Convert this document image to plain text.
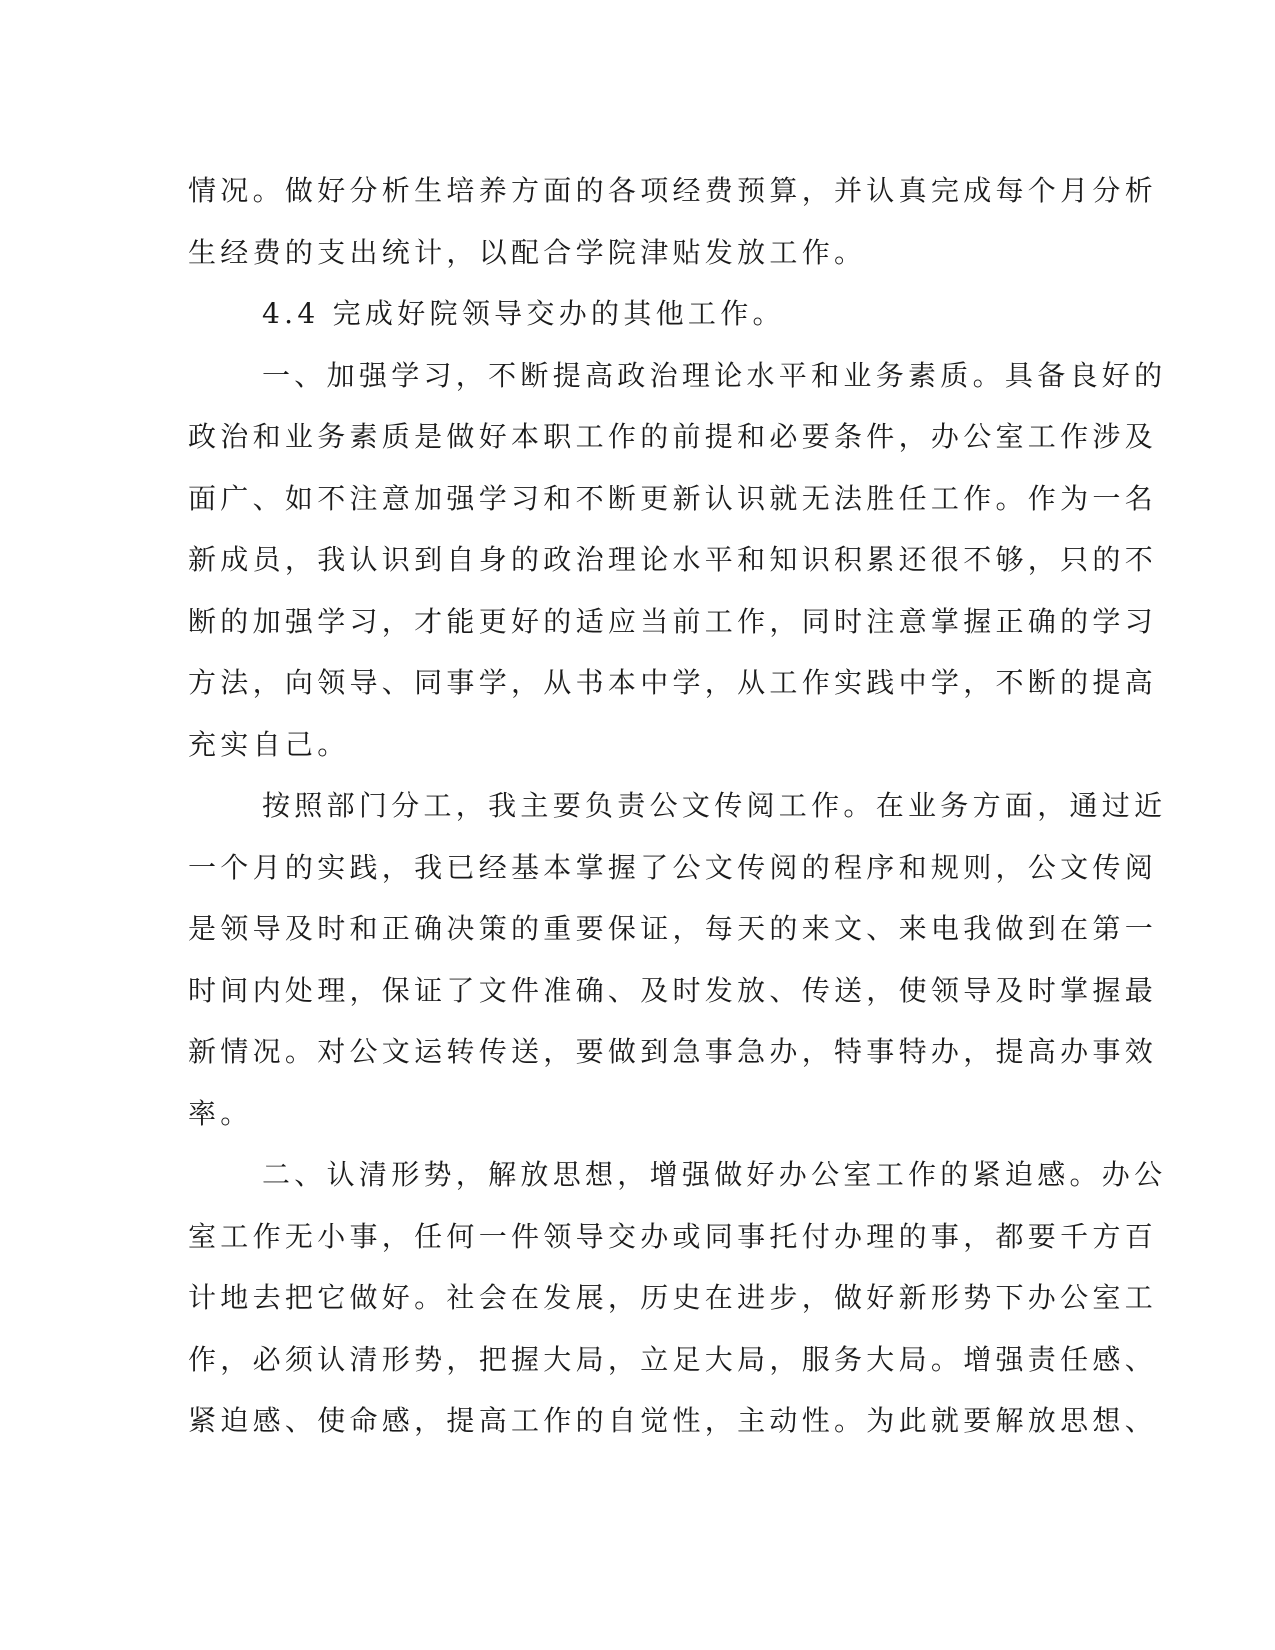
情况。做好分析生培养方面的各项经费预算，并认真完成每个月分析
生经费的支出统计，以配合学院津贴发放工作。
4.4 完成好院领导交办的其他工作。
一、加强学习，不断提高政治理论水平和业务素质。具备良好的
政治和业务素质是做好本职工作的前提和必要条件，办公室工作涉及
面广、如不注意加强学习和不断更新认识就无法胜任工作。作为一名
新成员，我认识到自身的政治理论水平和知识积累还很不够，只的不
断的加强学习，才能更好的适应当前工作，同时注意掌握正确的学习
方法，向领导、同事学，从书本中学，从工作实践中学，不断的提高
充实自己。
按照部门分工，我主要负责公文传阅工作。在业务方面，通过近
一个月的实践，我已经基本掌握了公文传阅的程序和规则，公文传阅
是领导及时和正确决策的重要保证，每天的来文、来电我做到在第一
时间内处理，保证了文件准确、及时发放、传送，使领导及时掌握最
新情况。对公文运转传送，要做到急事急办，特事特办，提高办事效
率。
二、认清形势，解放思想，增强做好办公室工作的紧迫感。办公
室工作无小事，任何一件领导交办或同事托付办理的事，都要千方百
计地去把它做好。社会在发展，历史在进步，做好新形势下办公室工
作，必须认清形势，把握大局，立足大局，服务大局。增强责任感、
紧迫感、使命感，提高工作的自觉性，主动性。为此就要解放思想、
